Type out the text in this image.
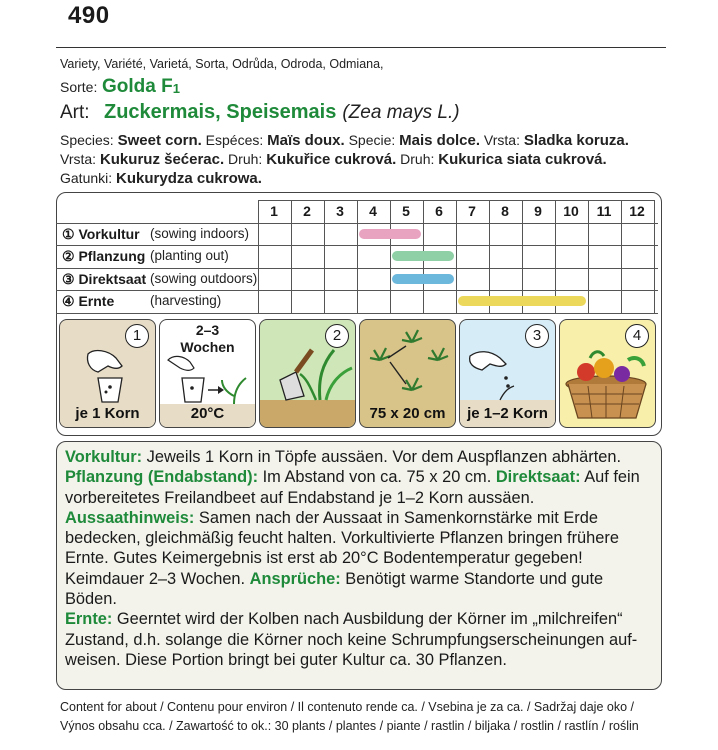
490
Variety, Variété, Varietá, Sorta, Odrůda, Odroda, Odmiana,
Sorte: Golda $F_1$
Art: Zuckermais, Speisemais (Zea mays L.)
Species: Sweet corn. Espéces: Maïs doux. Specie: Mais dolce. Vrsta: Sladka koruza.
Vrsta: Kukuruz šećerac. Druh: Kukuřice cukrová. Druh: Kukurica siata cukrová.
Gatunki: Kukurydza cukrowa.
1	2	3	4	5	6	7	8	9	10	11	12
① Vorkultur (sowing indoors)
② Pflanzung (planting out)
③ Direktsaat (sowing outdoors)
④ Ernte	(harvesting)
1
je 1 Korn
2–3
Wochen
20°C
2
75 x 20 cm
3
je 1–2 Korn
4

Vorkultur: Jeweils 1 Korn in Töpfe aussäen. Vor dem Auspflanzen abhärten.

Pflanzung (Endabstand): Im Abstand von ca. 75 x 20 cm. Direktsaat: Auf fein

vorbereitetes Freilandbeet auf Endabstand je 1–2 Korn aussäen.

Aussaathinweis: Samen nach der Aussaat in Samenkornstärke mit Erde

bedecken, gleichmäßig feucht halten. Vorkultivierte Pflanzen bringen frühere

Ernte. Gutes Keimergebnis ist erst ab 20°C Bodentemperatur gegeben!

Keimdauer 2–3 Wochen. Ansprüche: Benötigt warme Standorte und gute Böden.

Ernte: Geerntet wird der Kolben nach Ausbildung der Körner im „milchreifen“

Zustand, d.h. solange die Körner noch keine Schrumpfungserscheinungen auf-

weisen. Diese Portion bringt bei guter Kultur ca. 30 Pflanzen.

Content for about / Contenu pour environ / Il contenuto rende ca. / Vsebina je za ca. / Sadržaj daje oko /
Výnos obsahu cca. / Zawartość to ok.: 30 plants / plantes / piante / rastlin / biljaka / rostlin / rastlín / roślin
